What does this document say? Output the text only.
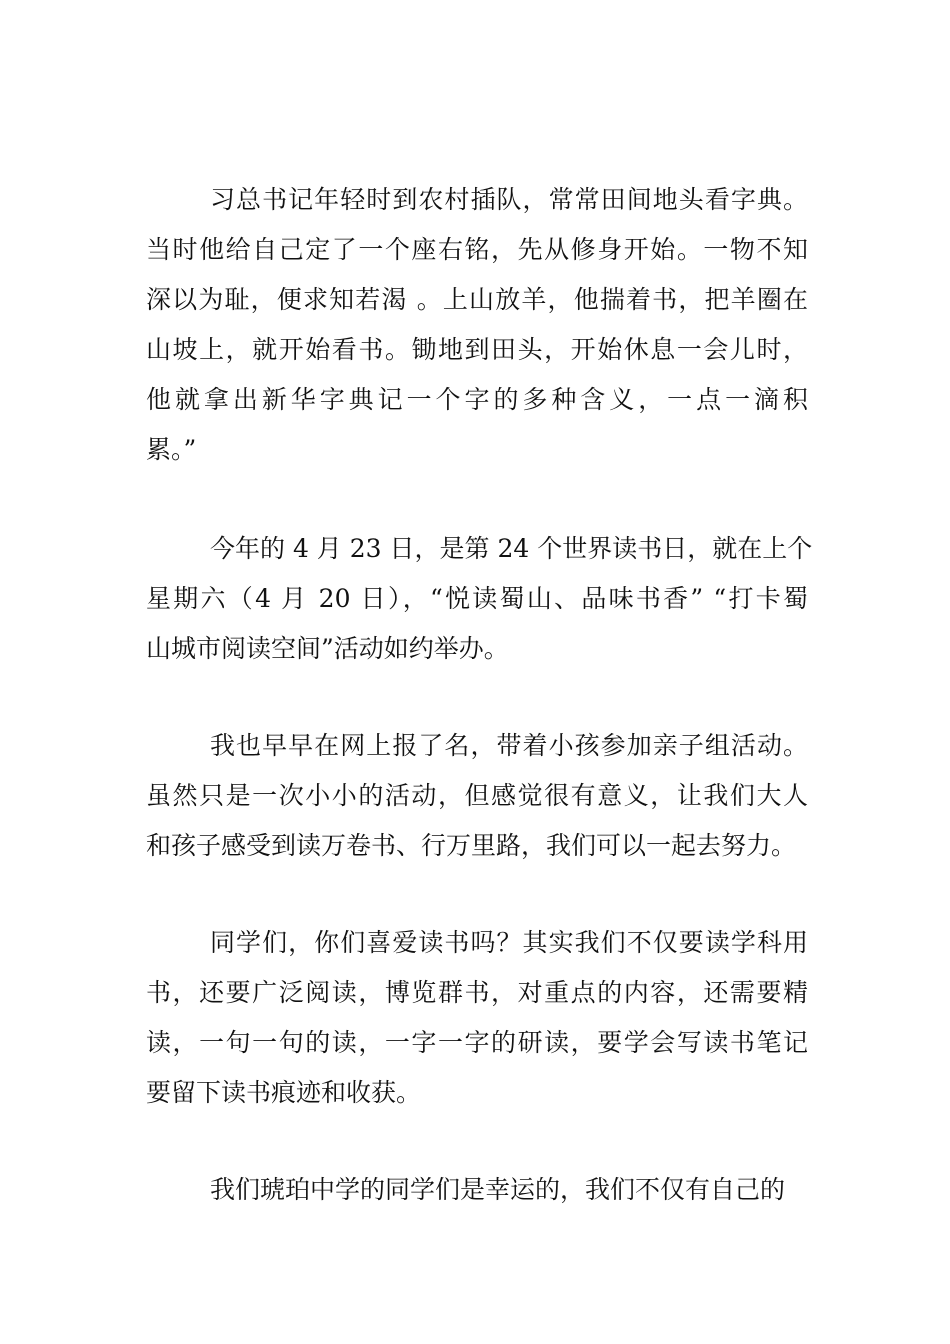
习总书记年轻时到农村插队，常常田间地头看字典。
当时他给自己定了一个座右铭，先从修身开始。一物不知
深以为耻，便求知若渴 。上山放羊，他揣着书，把羊圈在
山坡上，就开始看书。锄地到田头，开始休息一会儿时，
他就拿出新华字典记一个字的多种含义，一点一滴积
累。”
今年的 4 月 23 日，是第 24 个世界读书日，就在上个
星期六（4 月 20 日），“悦读蜀山、品味书香” “打卡蜀
山城市阅读空间”活动如约举办。
我也早早在网上报了名，带着小孩参加亲子组活动。
虽然只是一次小小的活动，但感觉很有意义，让我们大人
和孩子感受到读万卷书、行万里路，我们可以一起去努力。
同学们，你们喜爱读书吗？其实我们不仅要读学科用
书，还要广泛阅读，博览群书，对重点的内容，还需要精
读，一句一句的读，一字一字的研读，要学会写读书笔记
要留下读书痕迹和收获。
我们琥珀中学的同学们是幸运的，我们不仅有自己的
